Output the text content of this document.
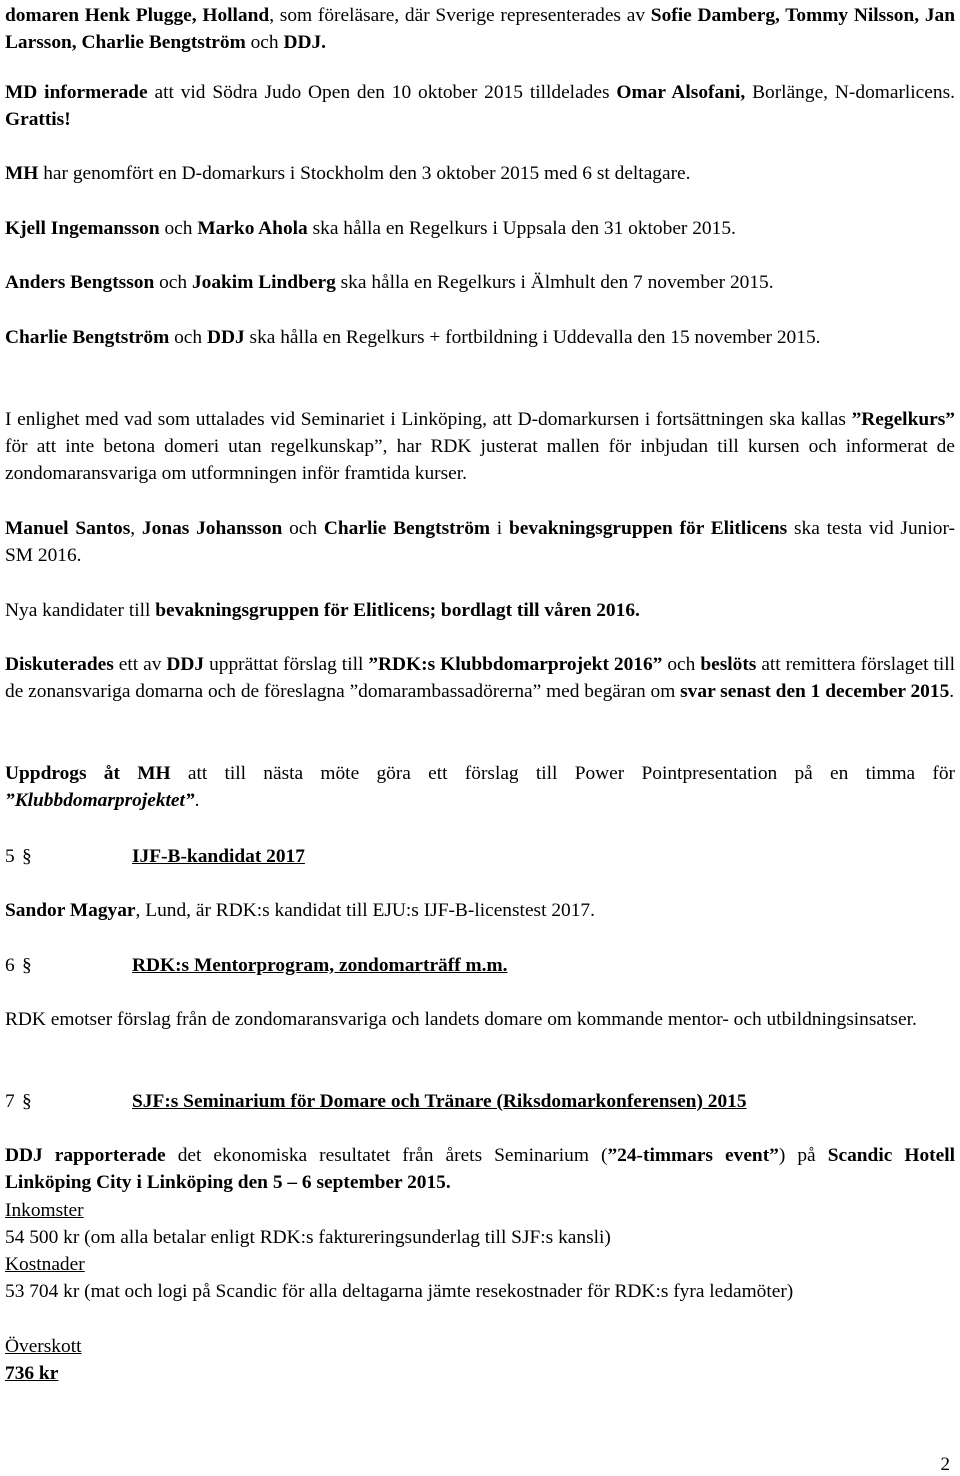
domaren Henk Plugge, Holland, som föreläsare, där Sverige representerades av Sofie Damberg, Tommy Nilsson, Jan Larsson, Charlie Bengtström och DDJ.

MD informerade att vid Södra Judo Open den 10 oktober 2015 tilldelades Omar Alsofani, Borlänge, N-domarlicens. Grattis!

MH har genomfört en D-domarkurs i Stockholm den 3 oktober 2015 med 6 st deltagare.

Kjell Ingemansson och Marko Ahola ska hålla en Regelkurs i Uppsala den 31 oktober 2015.

Anders Bengtsson och Joakim Lindberg ska hålla en Regelkurs i Älmhult den 7 november 2015.

Charlie Bengtström och DDJ ska hålla en Regelkurs + fortbildning i Uddevalla den 15 november 2015.

I enlighet med vad som uttalades vid Seminariet i Linköping, att D-domarkursen i fortsättningen ska kallas ”Regelkurs” för att inte betona domeri utan regelkunskap”, har RDK justerat mallen för inbjudan till kursen och informerat de zondomaransvariga om utformningen inför framtida kurser.

Manuel Santos, Jonas Johansson och Charlie Bengtström i bevakningsgruppen för Elitlicens ska testa vid Junior-SM 2016.

Nya kandidater till bevakningsgruppen för Elitlicens; bordlagt till våren 2016.

Diskuterades ett av DDJ upprättat förslag till ”RDK:s Klubbdomarprojekt 2016” och beslöts att remittera förslaget till de zonansvariga domarna och de föreslagna ”domarambassadörerna” med begäran om svar senast den 1 december 2015.

Uppdrogs åt MH att till nästa möte göra ett förslag till Power Pointpresentation på en timma för ”Klubbdomarprojektet”.

Sandor Magyar, Lund, är RDK:s kandidat till EJU:s IJF-B-licenstest 2017.

RDK emotser förslag från de zondomaransvariga och landets domare om kommande mentor- och utbildningsinsatser.

DDJ rapporterade det ekonomiska resultatet från årets Seminarium (”24-timmars event”) på Scandic Hotell Linköping City i Linköping den 5 – 6 september 2015.

Inkomster

54 500 kr (om alla betalar enligt RDK:s faktureringsunderlag till SJF:s kansli)

Kostnader

53 704 kr (mat och logi på Scandic för alla deltagarna jämte resekostnader för RDK:s fyra ledamöter)

Överskott

736 kr

5 §	IJF-B-kandidat 2017
6 §	RDK:s Mentorprogram, zondomarträff m.m.
7 §	SJF:s Seminarium för Domare och Tränare (Riksdomarkonferensen) 2015
2
